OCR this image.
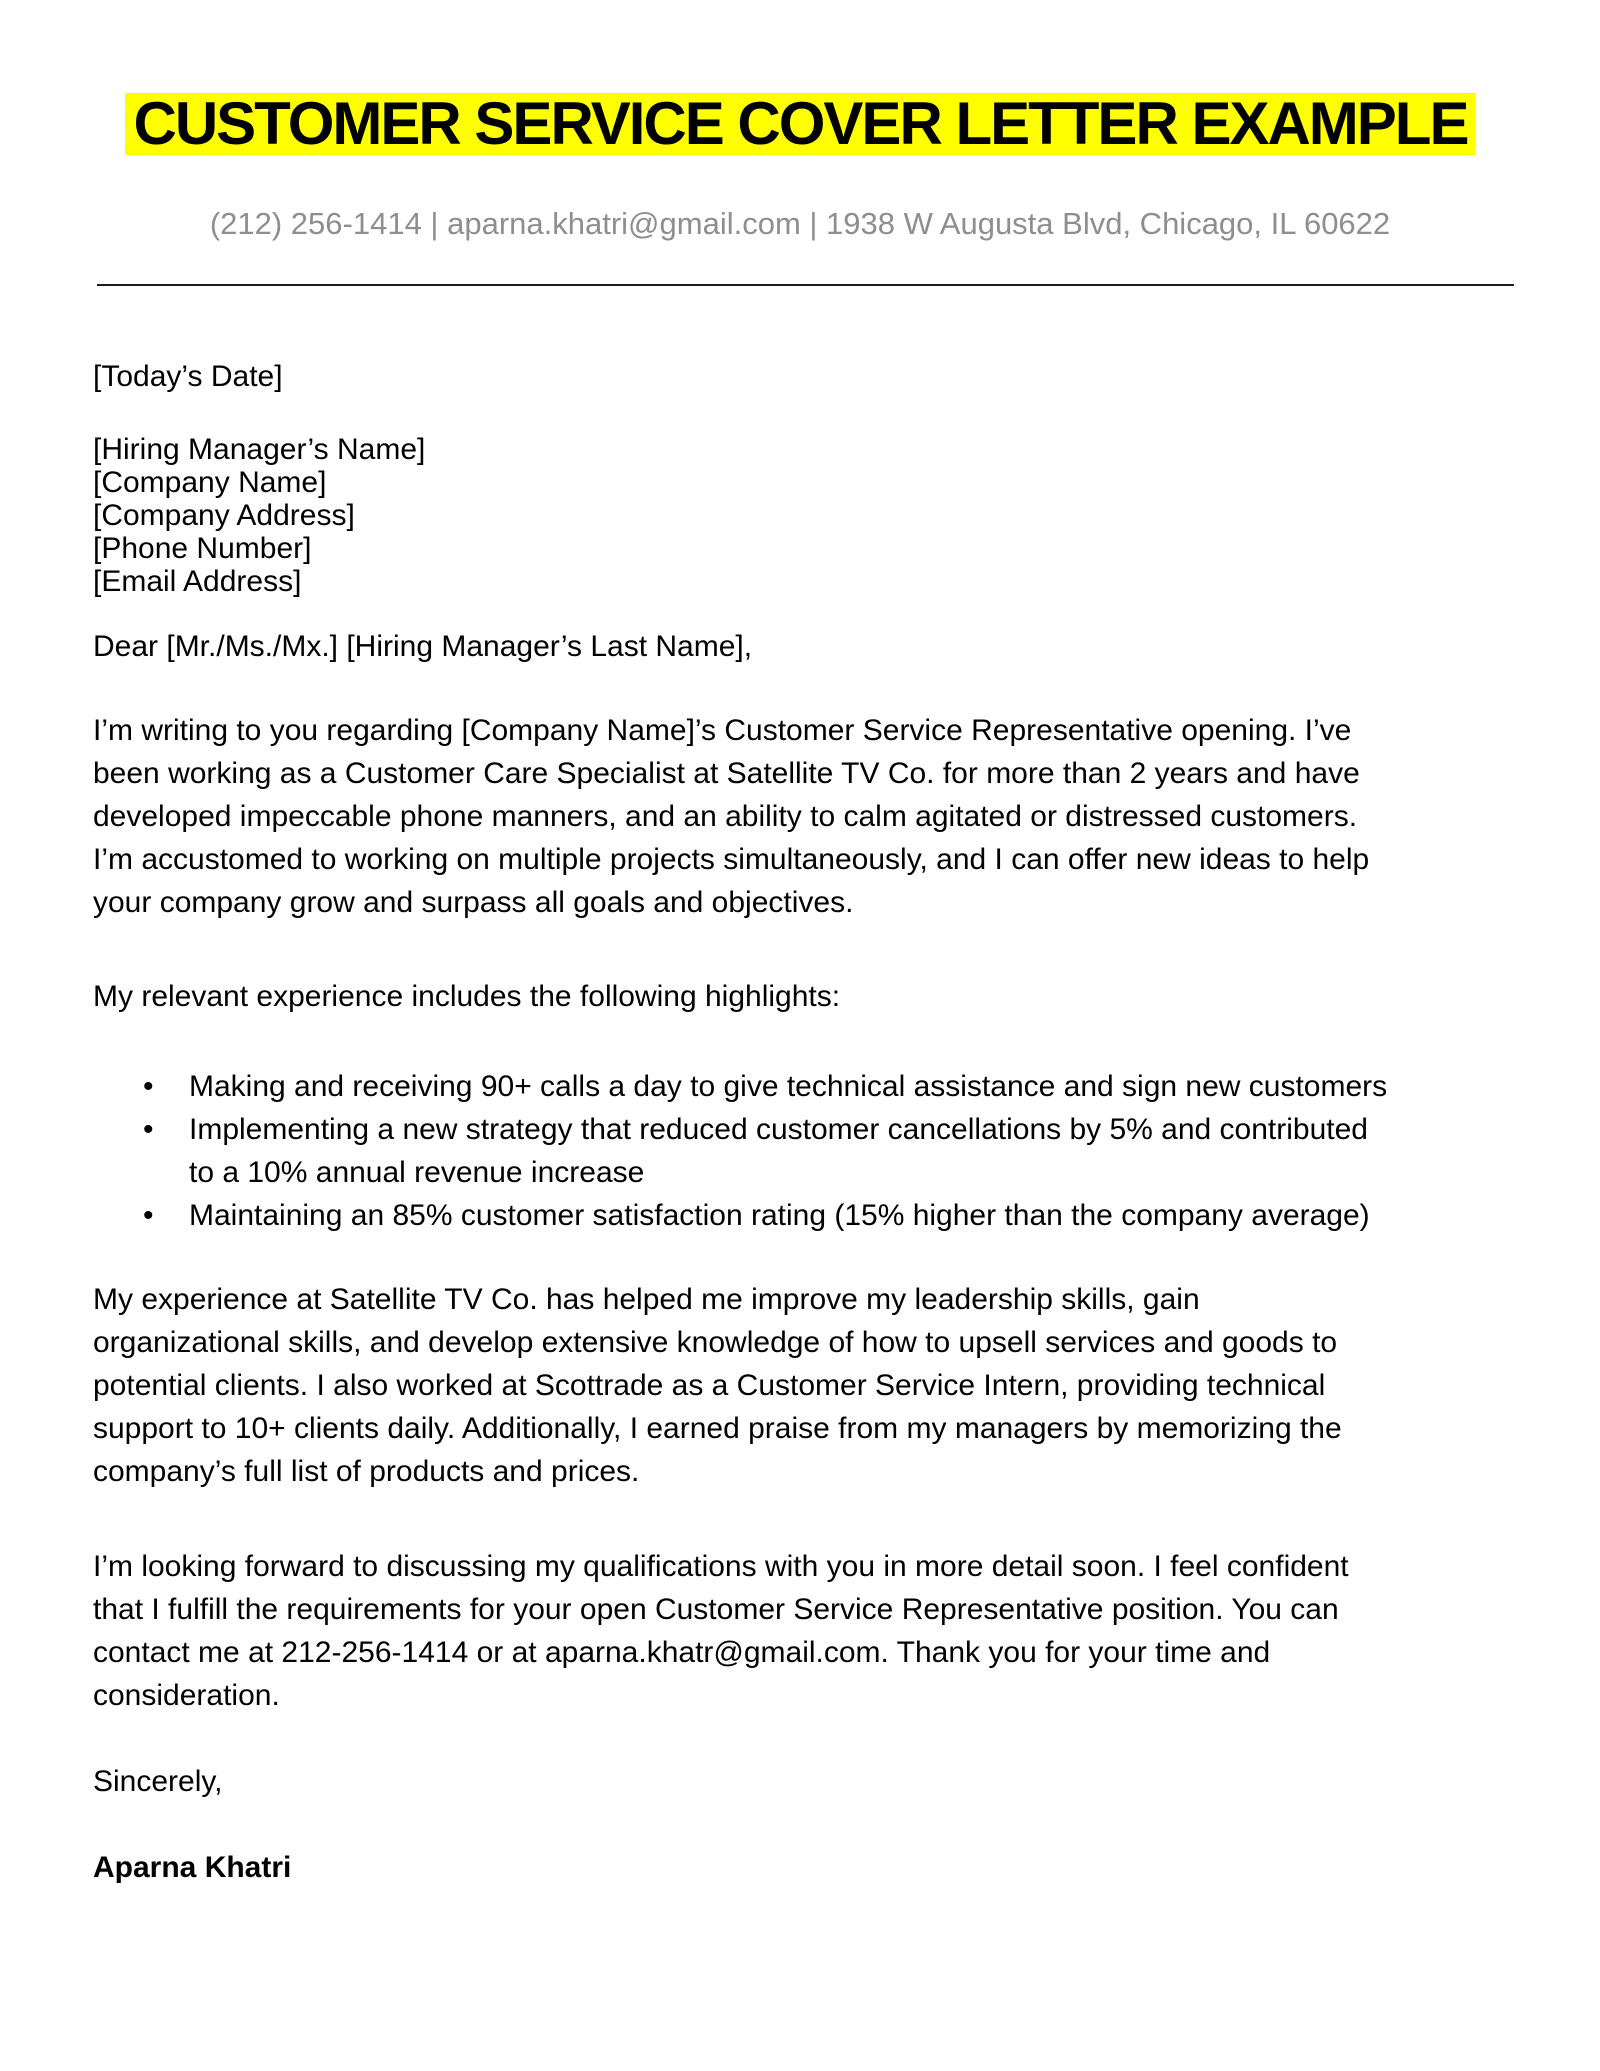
CUSTOMER SERVICE COVER LETTER EXAMPLE
(212) 256-1414 | aparna.khatri@gmail.com | 1938 W Augusta Blvd, Chicago, IL 60622
[Today’s Date]
[Hiring Manager’s Name]
[Company Name]
[Company Address]
[Phone Number]
[Email Address]
Dear [Mr./Ms./Mx.] [Hiring Manager’s Last Name],
I’m writing to you regarding [Company Name]’s Customer Service Representative opening. I’ve
been working as a Customer Care Specialist at Satellite TV Co. for more than 2 years and have
developed impeccable phone manners, and an ability to calm agitated or distressed customers.
I’m accustomed to working on multiple projects simultaneously, and I can offer new ideas to help
your company grow and surpass all goals and objectives.
My relevant experience includes the following highlights:
• Making and receiving 90+ calls a day to give technical assistance and sign new customers
• Implementing a new strategy that reduced customer cancellations by 5% and contributed
to a 10% annual revenue increase
• Maintaining an 85% customer satisfaction rating (15% higher than the company average)
My experience at Satellite TV Co. has helped me improve my leadership skills, gain
organizational skills, and develop extensive knowledge of how to upsell services and goods to
potential clients. I also worked at Scottrade as a Customer Service Intern, providing technical
support to 10+ clients daily. Additionally, I earned praise from my managers by memorizing the
company’s full list of products and prices.
I’m looking forward to discussing my qualifications with you in more detail soon. I feel confident
that I fulfill the requirements for your open Customer Service Representative position. You can
contact me at 212-256-1414 or at aparna.khatr@gmail.com. Thank you for your time and
consideration.
Sincerely,
Aparna Khatri
